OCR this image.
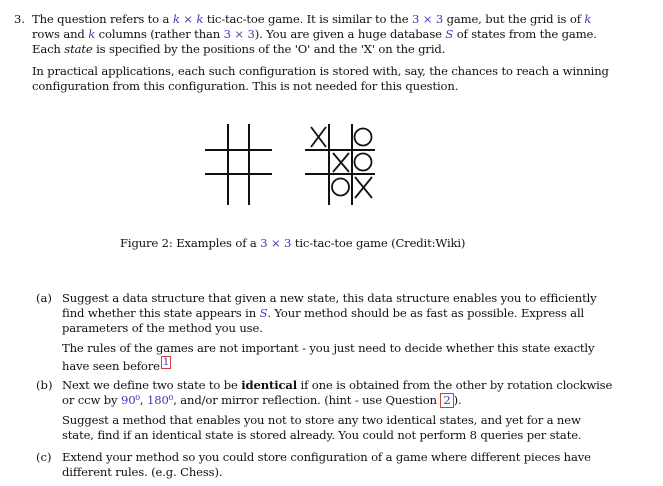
3. The question refers to a k × k tic-tac-toe game. It is similar to the 3 × 3 game, but the grid is of k
rows and k columns (rather than 3 × 3). You are given a huge database S of states from the game.
Each state is specified by the positions of the 'O' and the 'X' on the grid.
In practical applications, each such configuration is stored with, say, the chances to reach a winning
configuration from this configuration. This is not needed for this question.
Figure 2: Examples of a 3 × 3 tic-tac-toe game (Credit:Wiki)
(a) Suggest a data structure that given a new state, this data structure enables you to efficiently
find whether this state appears in S. Your method should be as fast as possible. Express all
parameters of the method you use.
The rules of the games are not important - you just need to decide whether this state exactly
have seen before $^1$
(b) Next we define two state to be identical if one is obtained from the other by rotation clockwise
or ccw by 90⁰, 180⁰, and/or mirror reflection. (hint - use Question 2 ).
Suggest a method that enables you not to store any two identical states, and yet for a new
state, find if an identical state is stored already. You could not perform 8 queries per state.
(c) Extend your method so you could store configuration of a game where different pieces have
different rules. (e.g. Chess).
